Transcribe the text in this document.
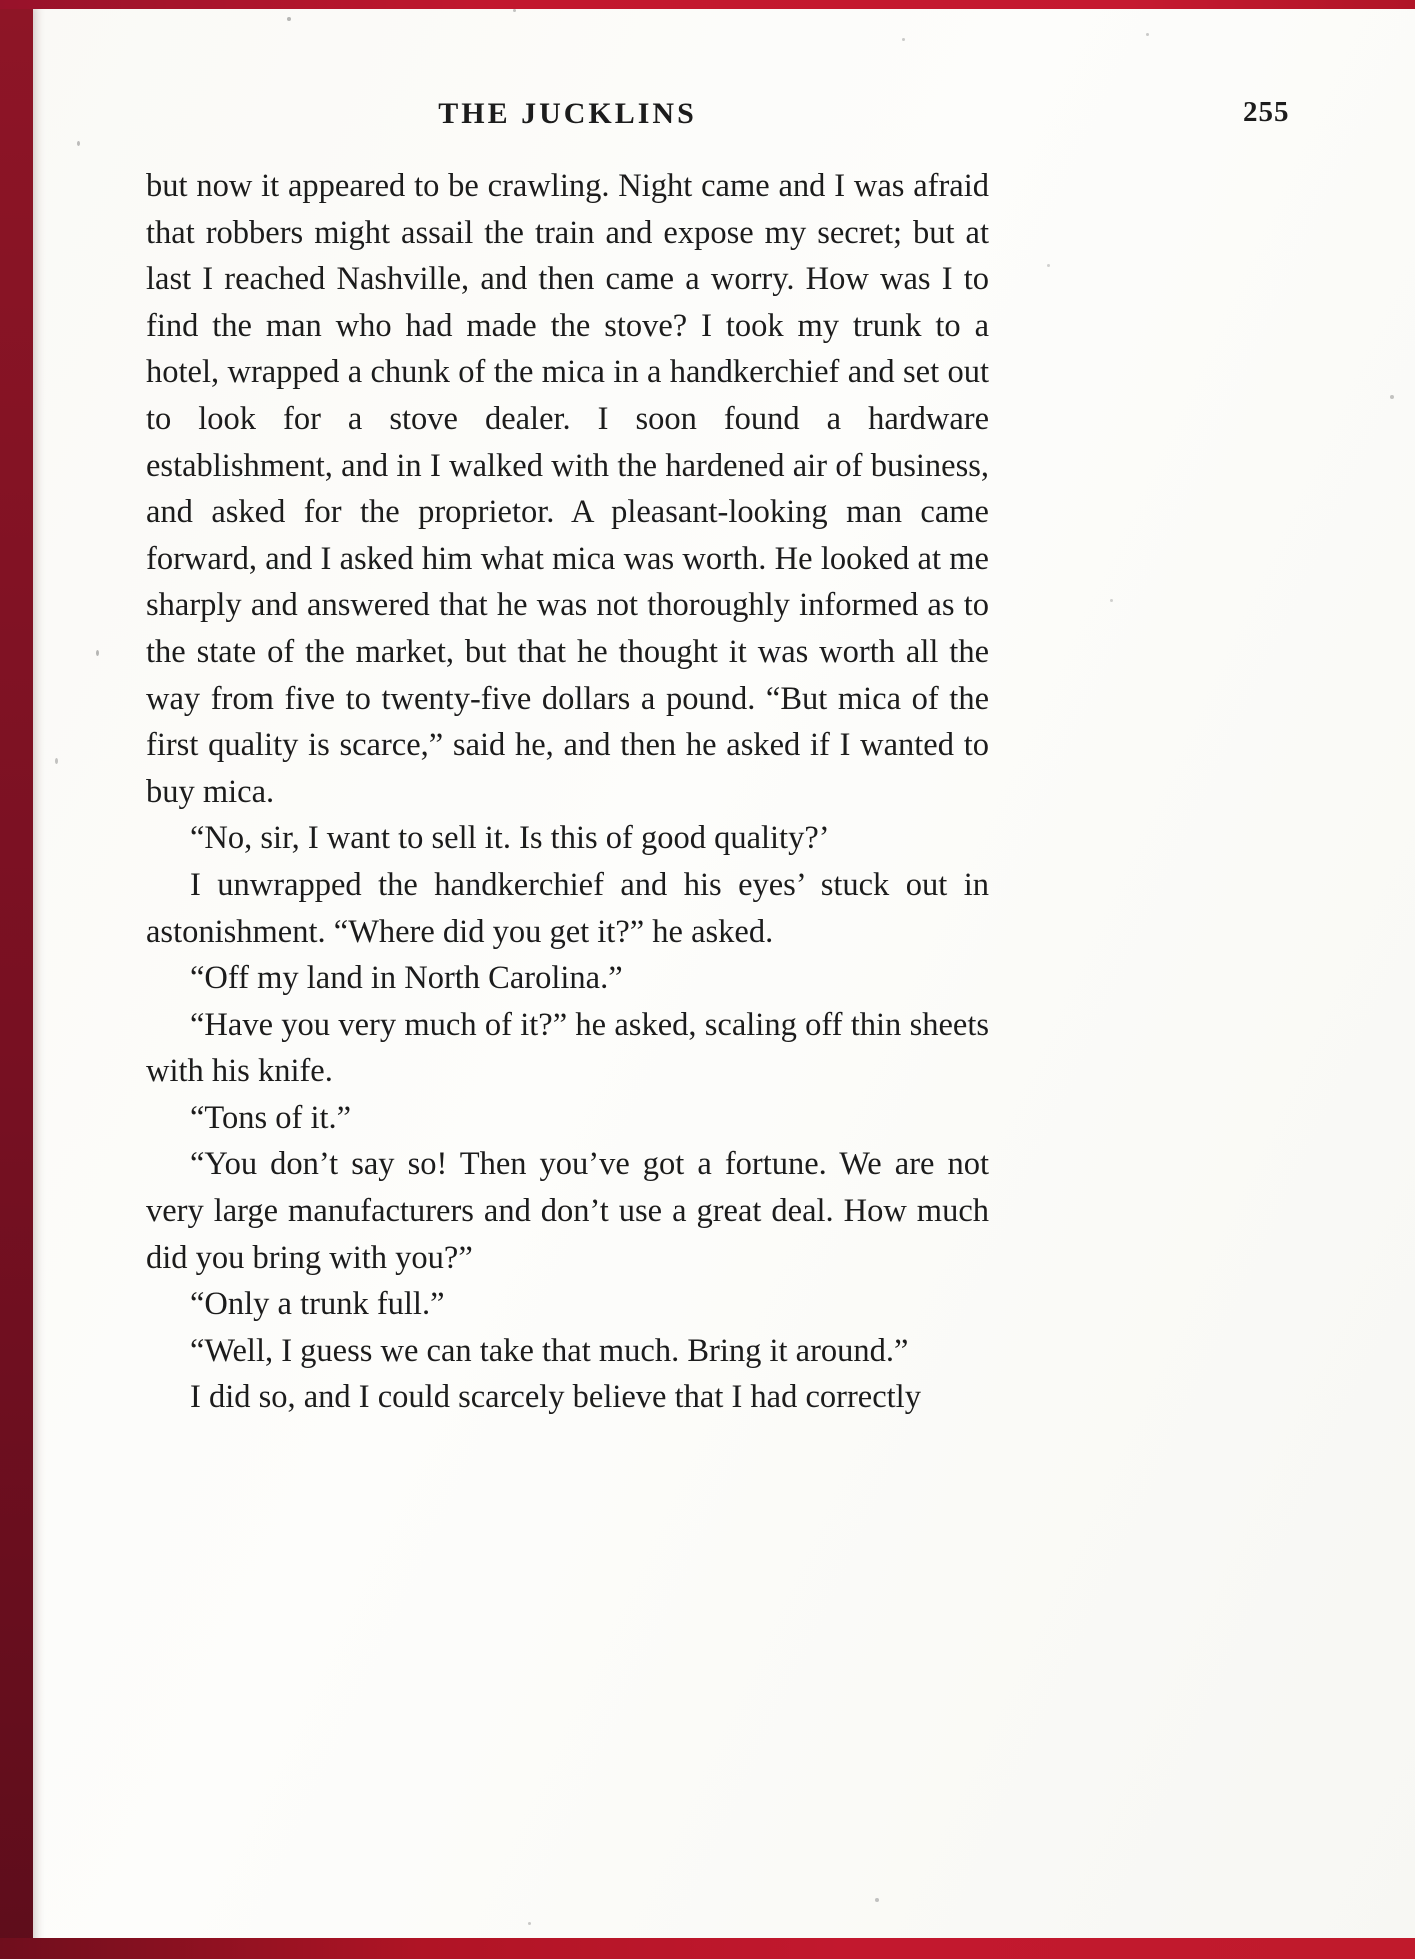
THE JUCKLINS	255

but now it appeared to be crawling. Night came and I was afraid that robbers might assail the train and expose my secret; but at last I reached Nashville, and then came a worry. How was I to find the man who had made the stove? I took my trunk to a hotel, wrapped a chunk of the mica in a handkerchief and set out to look for a stove dealer. I soon found a hardware establishment, and in I walked with the hardened air of business, and asked for the proprietor. A pleasant-looking man came forward, and I asked him what mica was worth. He looked at me sharply and answered that he was not thoroughly informed as to the state of the market, but that he thought it was worth all the way from five to twenty-five dollars a pound. “But mica of the first quality is scarce,” said he, and then he asked if I wanted to buy mica.

“No, sir, I want to sell it. Is this of good quality?’

I unwrapped the handkerchief and his eyes’ stuck out in astonishment. “Where did you get it?” he asked.

“Off my land in North Carolina.”

“Have you very much of it?” he asked, scaling off thin sheets with his knife.

“Tons of it.”

“You don’t say so! Then you’ve got a fortune. We are not very large manufacturers and don’t use a great deal. How much did you bring with you?”

“Only a trunk full.”

“Well, I guess we can take that much. Bring it around.”

I did so, and I could scarcely believe that I had correctly
